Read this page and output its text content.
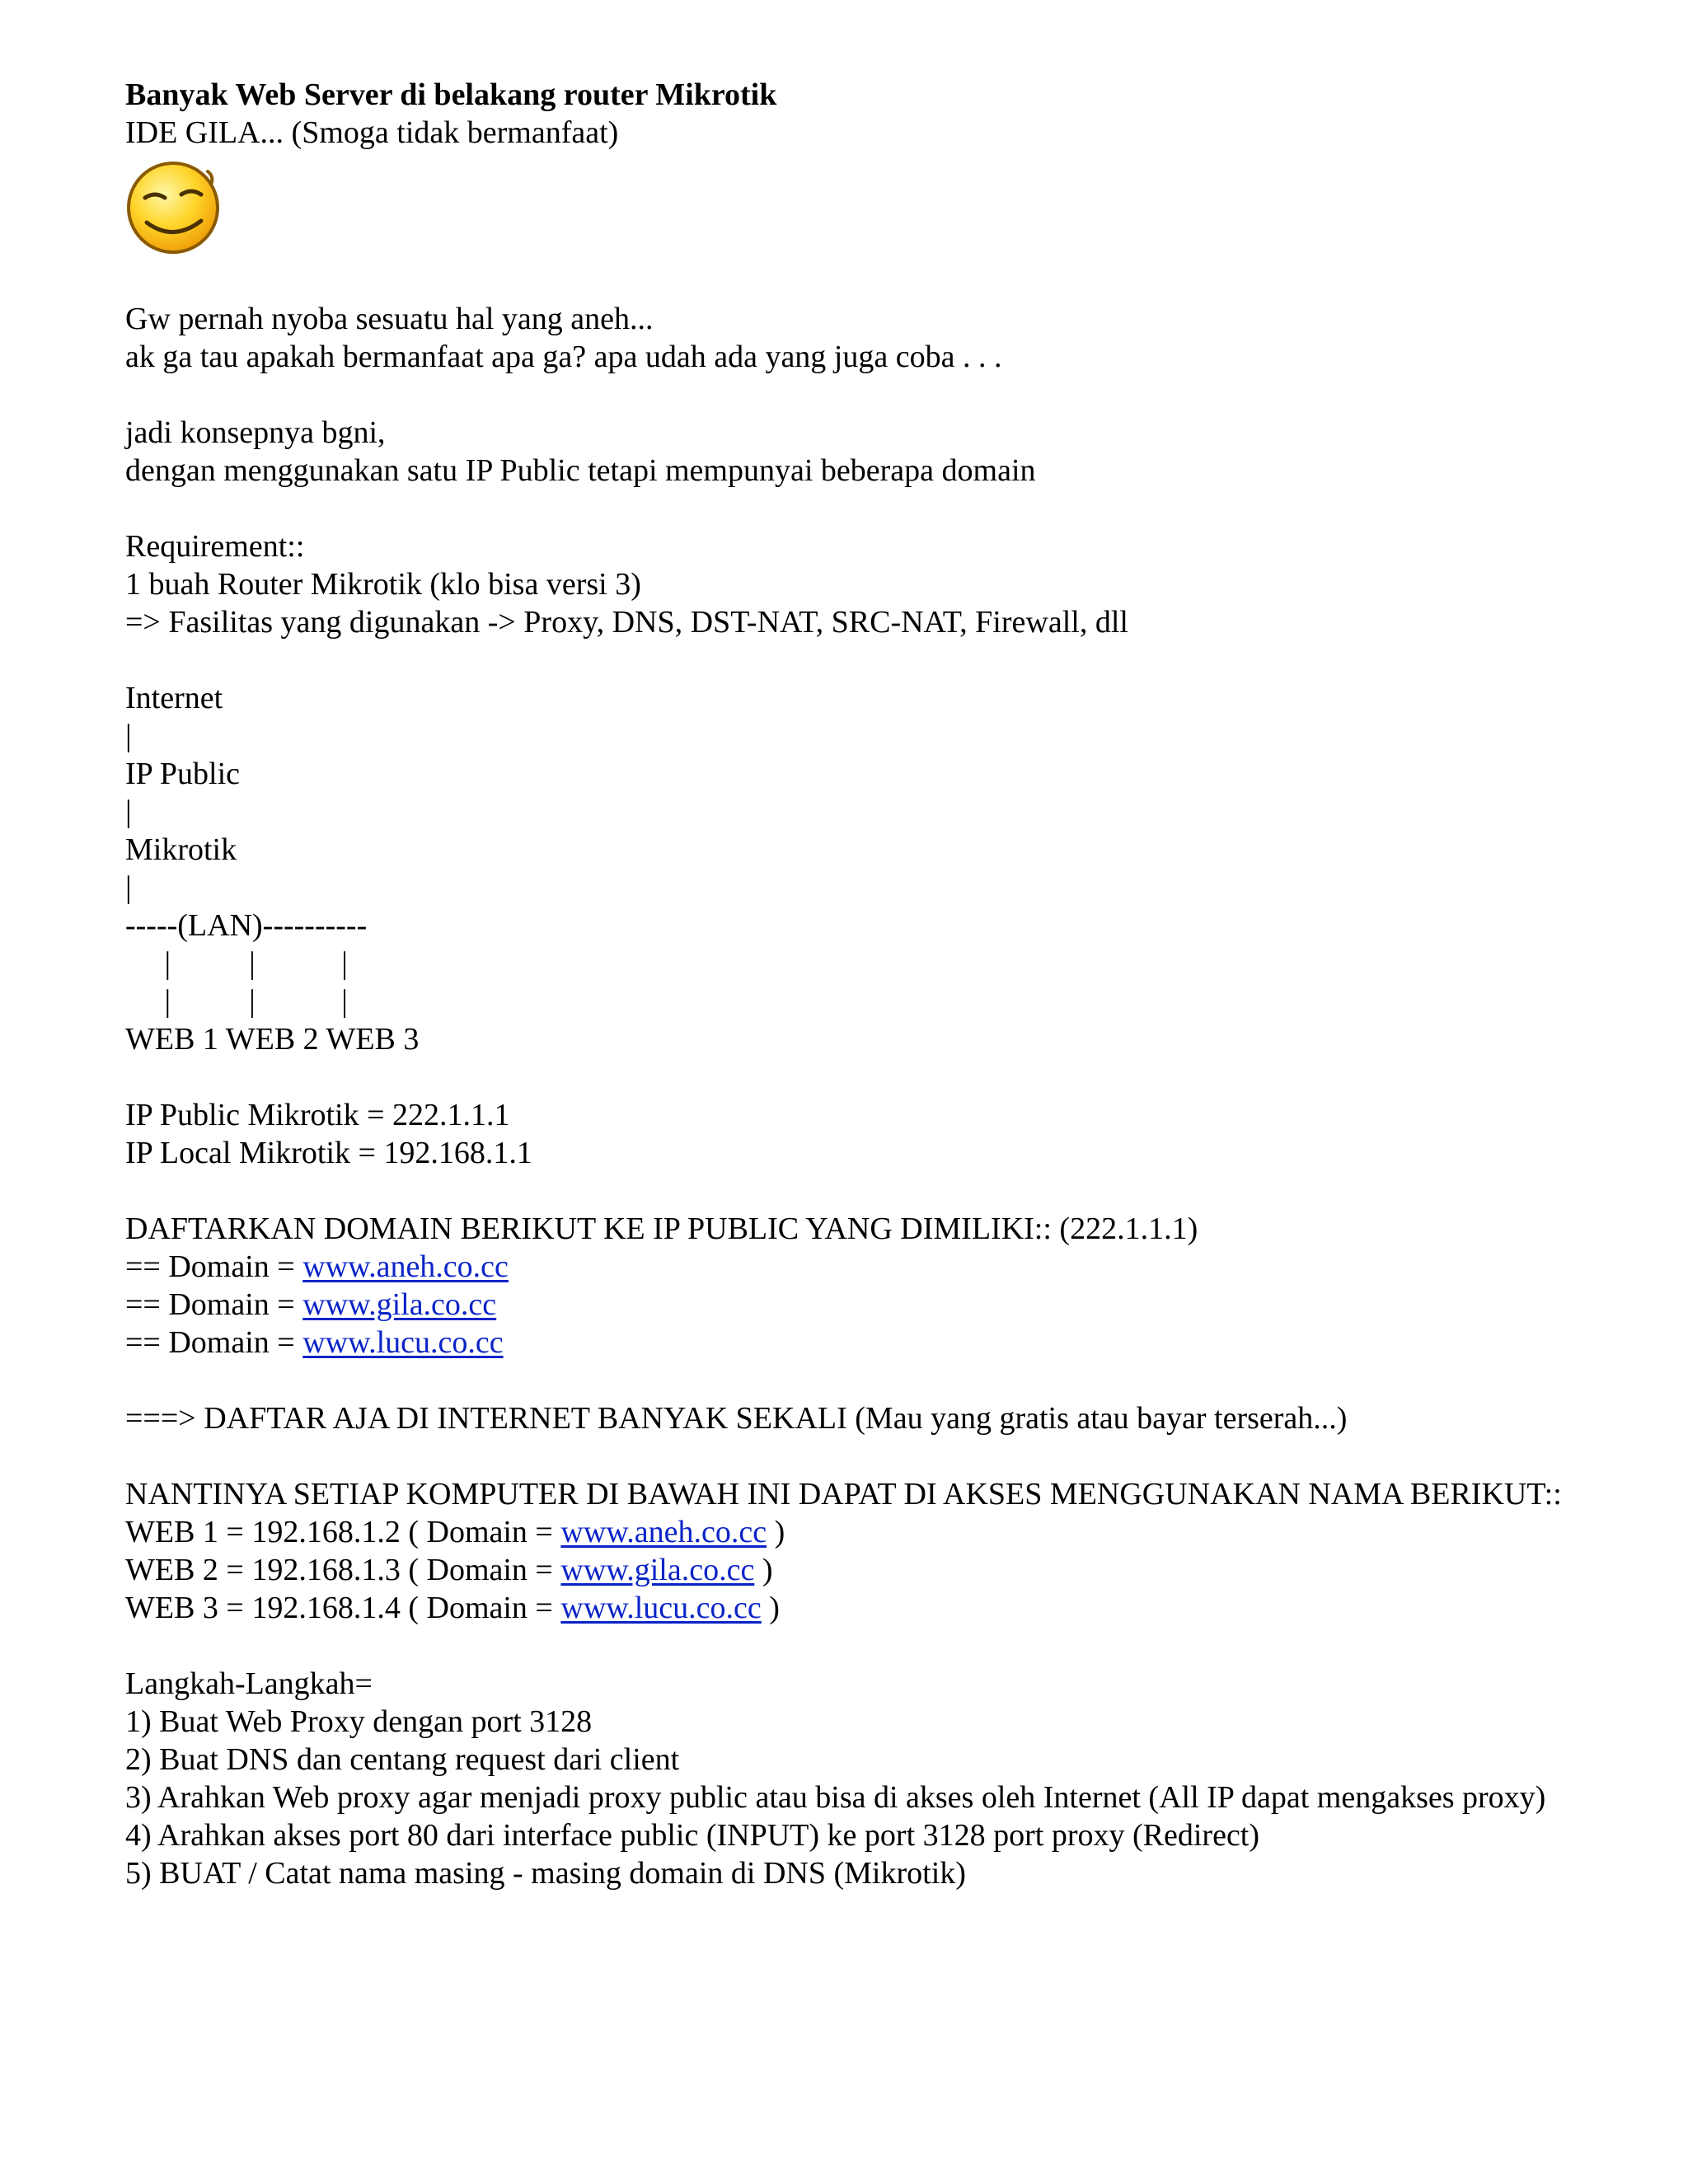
Banyak Web Server di belakang router Mikrotik
IDE GILA... (Smoga tidak bermanfaat)
Gw pernah nyoba sesuatu hal yang aneh...
ak ga tau apakah bermanfaat apa ga? apa udah ada yang juga coba . . .
jadi konsepnya bgni,
dengan menggunakan satu IP Public tetapi mempunyai beberapa domain
Requirement::
1 buah Router Mikrotik (klo bisa versi 3)
=> Fasilitas yang digunakan -> Proxy, DNS, DST-NAT, SRC-NAT, Firewall, dll
Internet
|
IP Public
|
Mikrotik
|
-----(LAN)----------
|          |           |
|          |           |
WEB 1 WEB 2 WEB 3
IP Public Mikrotik = 222.1.1.1
IP Local Mikrotik = 192.168.1.1
DAFTARKAN DOMAIN BERIKUT KE IP PUBLIC YANG DIMILIKI:: (222.1.1.1)
== Domain = www.aneh.co.cc
== Domain = www.gila.co.cc
== Domain = www.lucu.co.cc
===> DAFTAR AJA DI INTERNET BANYAK SEKALI (Mau yang gratis atau bayar terserah...)
NANTINYA SETIAP KOMPUTER DI BAWAH INI DAPAT DI AKSES MENGGUNAKAN NAMA BERIKUT::
WEB 1 = 192.168.1.2 ( Domain = www.aneh.co.cc )
WEB 2 = 192.168.1.3 ( Domain = www.gila.co.cc )
WEB 3 = 192.168.1.4 ( Domain = www.lucu.co.cc )
Langkah-Langkah=
1) Buat Web Proxy dengan port 3128
2) Buat DNS dan centang request dari client
3) Arahkan Web proxy agar menjadi proxy public atau bisa di akses oleh Internet (All IP dapat mengakses proxy)
4) Arahkan akses port 80 dari interface public (INPUT) ke port 3128 port proxy (Redirect)
5) BUAT / Catat nama masing - masing domain di DNS (Mikrotik)
